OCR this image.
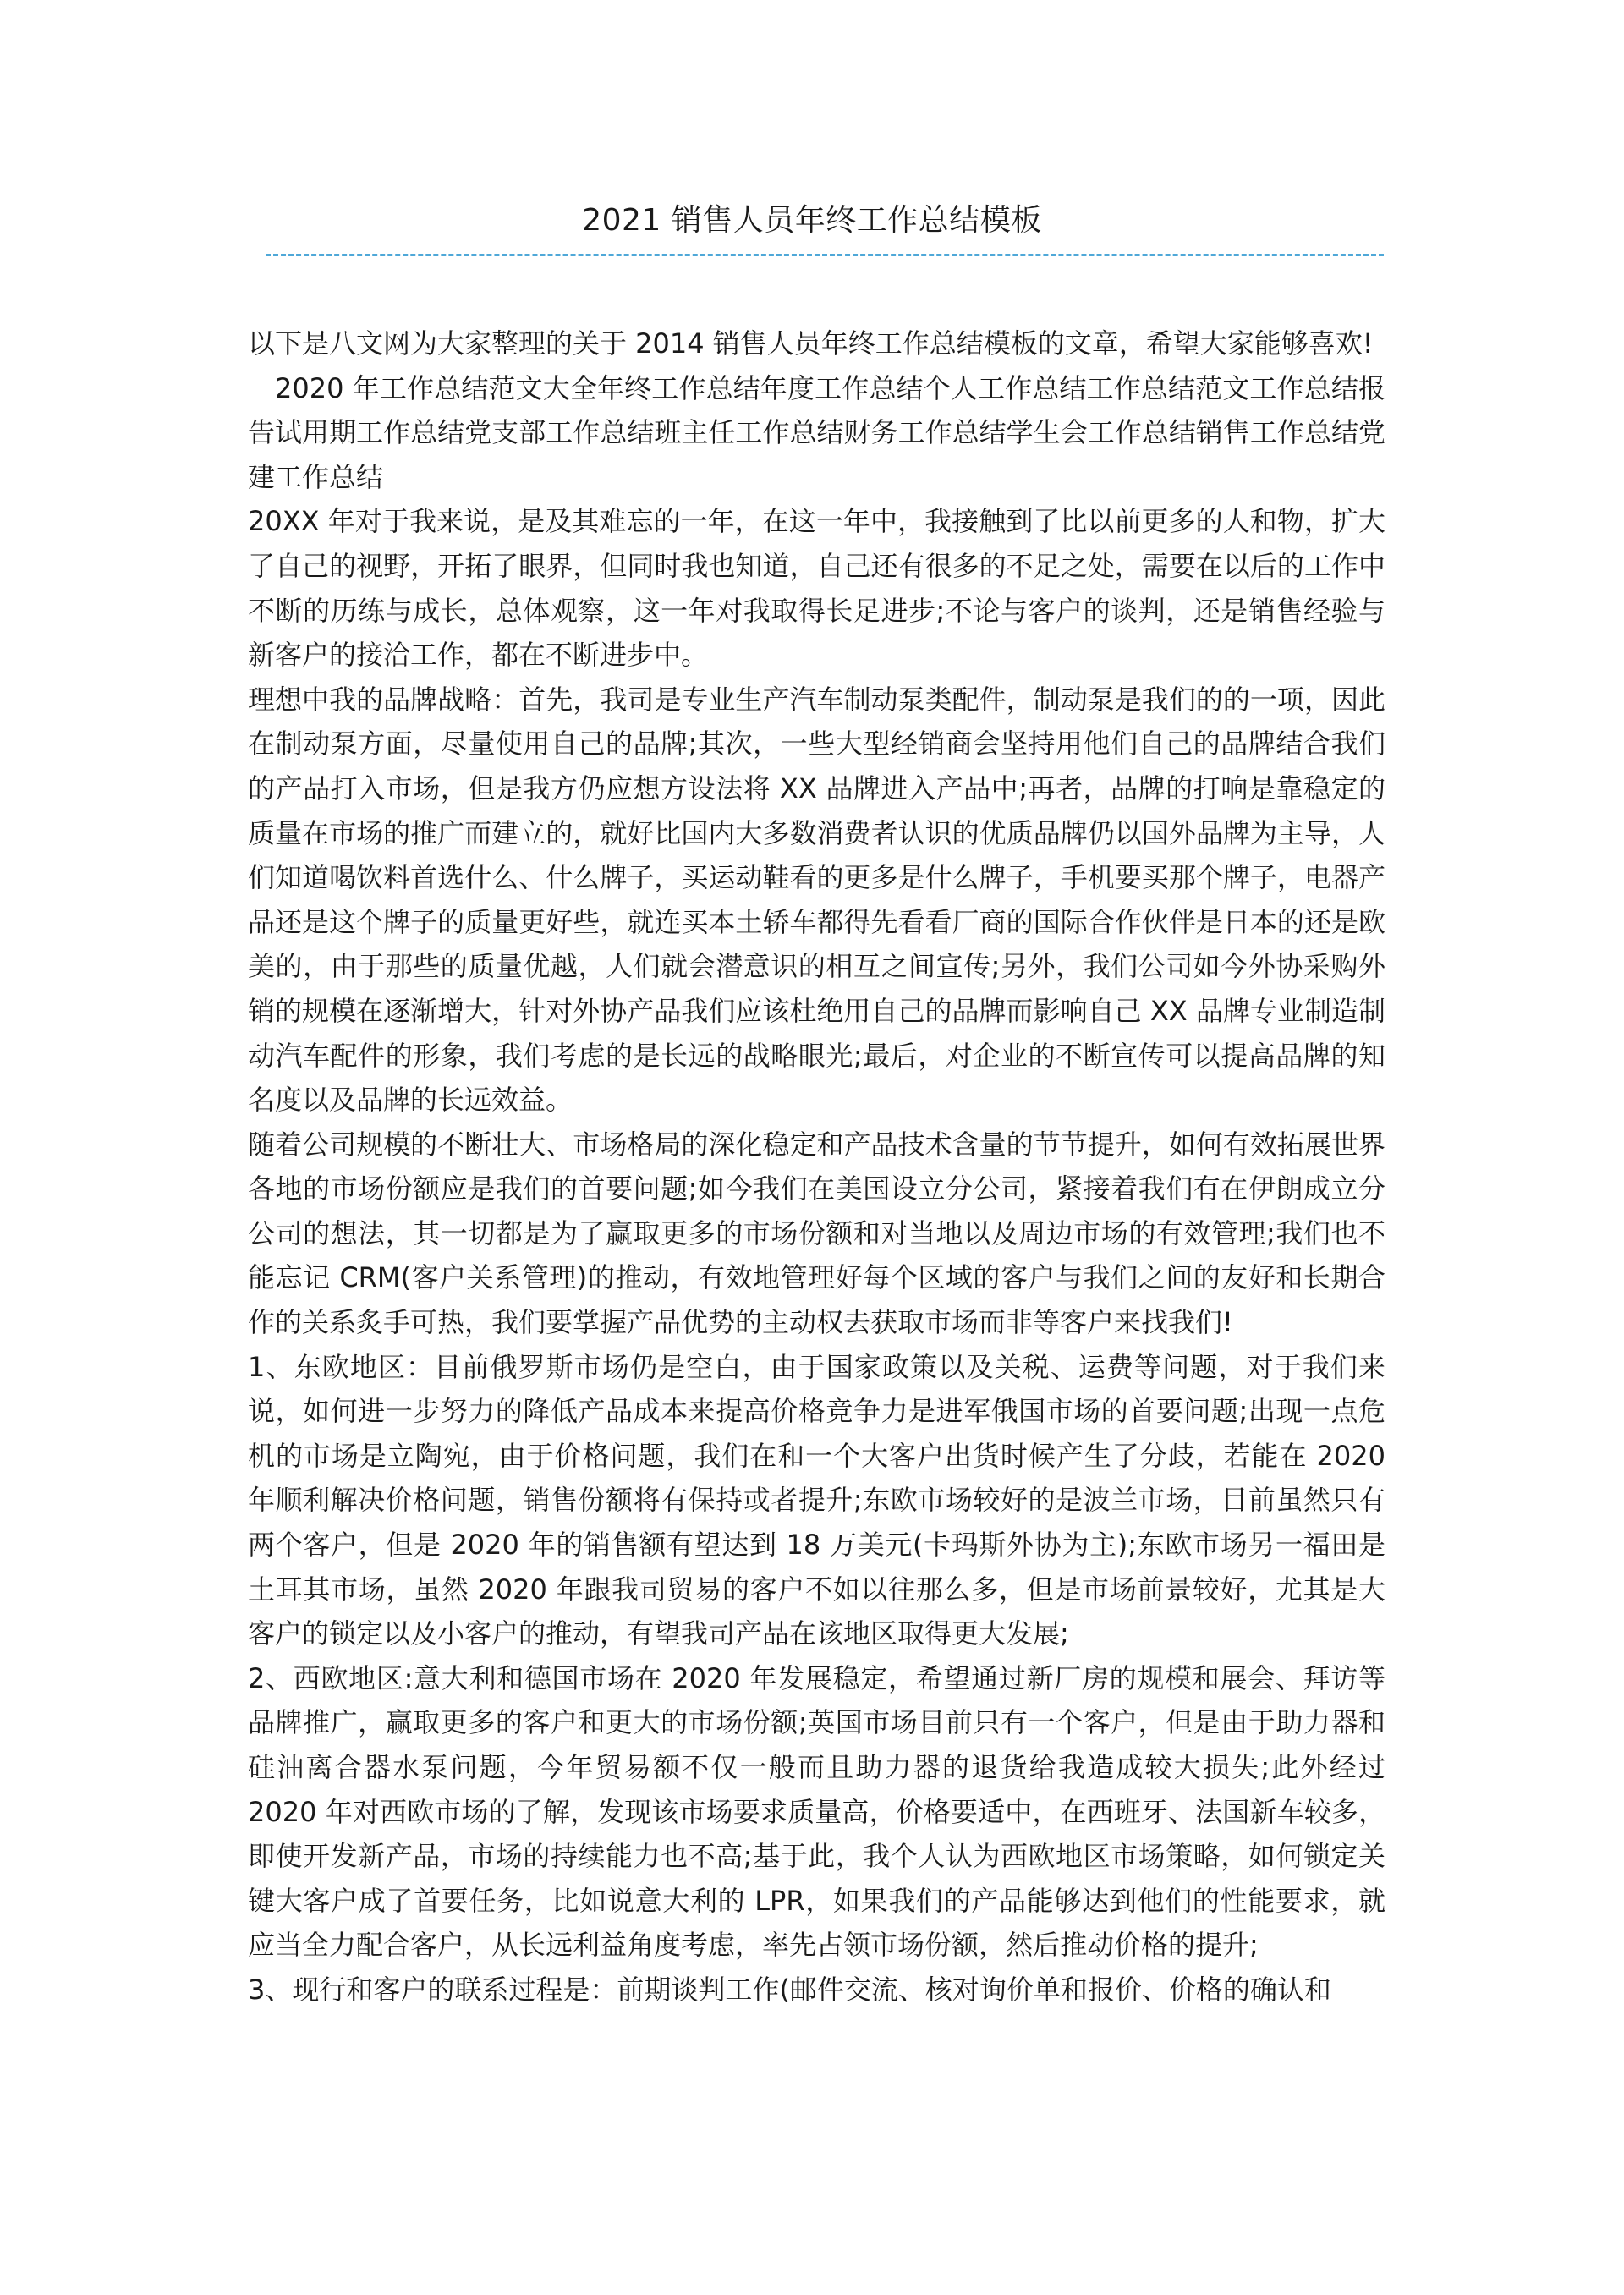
2021 销售人员年终工作总结模板

以下是八文网为大家整理的关于 2014 销售人员年终工作总结模板的文章，希望大家能够喜欢!

2020 年工作总结范文大全年终工作总结年度工作总结个人工作总结工作总结范文工作总结报告试用期工作总结党支部工作总结班主任工作总结财务工作总结学生会工作总结销售工作总结党建工作总结

20XX 年对于我来说，是及其难忘的一年，在这一年中，我接触到了比以前更多的人和物，扩大了自己的视野，开拓了眼界，但同时我也知道，自己还有很多的不足之处，需要在以后的工作中不断的历练与成长，总体观察，这一年对我取得长足进步;不论与客户的谈判，还是销售经验与新客户的接洽工作，都在不断进步中。

理想中我的品牌战略：首先，我司是专业生产汽车制动泵类配件，制动泵是我们的的一项，因此在制动泵方面，尽量使用自己的品牌;其次，一些大型经销商会坚持用他们自己的品牌结合我们的产品打入市场，但是我方仍应想方设法将 XX 品牌进入产品中;再者，品牌的打响是靠稳定的质量在市场的推广而建立的，就好比国内大多数消费者认识的优质品牌仍以国外品牌为主导，人们知道喝饮料首选什么、什么牌子，买运动鞋看的更多是什么牌子，手机要买那个牌子，电器产品还是这个牌子的质量更好些，就连买本土轿车都得先看看厂商的国际合作伙伴是日本的还是欧美的，由于那些的质量优越，人们就会潜意识的相互之间宣传;另外，我们公司如今外协采购外销的规模在逐渐增大，针对外协产品我们应该杜绝用自己的品牌而影响自己 XX 品牌专业制造制动汽车配件的形象，我们考虑的是长远的战略眼光;最后，对企业的不断宣传可以提高品牌的知名度以及品牌的长远效益。

随着公司规模的不断壮大、市场格局的深化稳定和产品技术含量的节节提升，如何有效拓展世界各地的市场份额应是我们的首要问题;如今我们在美国设立分公司，紧接着我们有在伊朗成立分公司的想法，其一切都是为了赢取更多的市场份额和对当地以及周边市场的有效管理;我们也不能忘记 CRM(客户关系管理)的推动，有效地管理好每个区域的客户与我们之间的友好和长期合作的关系炙手可热，我们要掌握产品优势的主动权去获取市场而非等客户来找我们!

1、东欧地区：目前俄罗斯市场仍是空白，由于国家政策以及关税、运费等问题，对于我们来说，如何进一步努力的降低产品成本来提高价格竞争力是进军俄国市场的首要问题;出现一点危机的市场是立陶宛，由于价格问题，我们在和一个大客户出货时候产生了分歧，若能在 2020 年顺利解决价格问题，销售份额将有保持或者提升;东欧市场较好的是波兰市场，目前虽然只有两个客户，但是 2020 年的销售额有望达到 18 万美元(卡玛斯外协为主);东欧市场另一福田是土耳其市场，虽然 2020 年跟我司贸易的客户不如以往那么多，但是市场前景较好，尤其是大客户的锁定以及小客户的推动，有望我司产品在该地区取得更大发展;

2、西欧地区:意大利和德国市场在 2020 年发展稳定，希望通过新厂房的规模和展会、拜访等品牌推广，赢取更多的客户和更大的市场份额;英国市场目前只有一个客户，但是由于助力器和硅油离合器水泵问题，今年贸易额不仅一般而且助力器的退货给我造成较大损失;此外经过 2020 年对西欧市场的了解，发现该市场要求质量高，价格要适中，在西班牙、法国新车较多，即使开发新产品，市场的持续能力也不高;基于此，我个人认为西欧地区市场策略，如何锁定关键大客户成了首要任务，比如说意大利的 LPR，如果我们的产品能够达到他们的性能要求，就应当全力配合客户，从长远利益角度考虑，率先占领市场份额，然后推动价格的提升;

3、现行和客户的联系过程是：前期谈判工作(邮件交流、核对询价单和报价、价格的确认和
